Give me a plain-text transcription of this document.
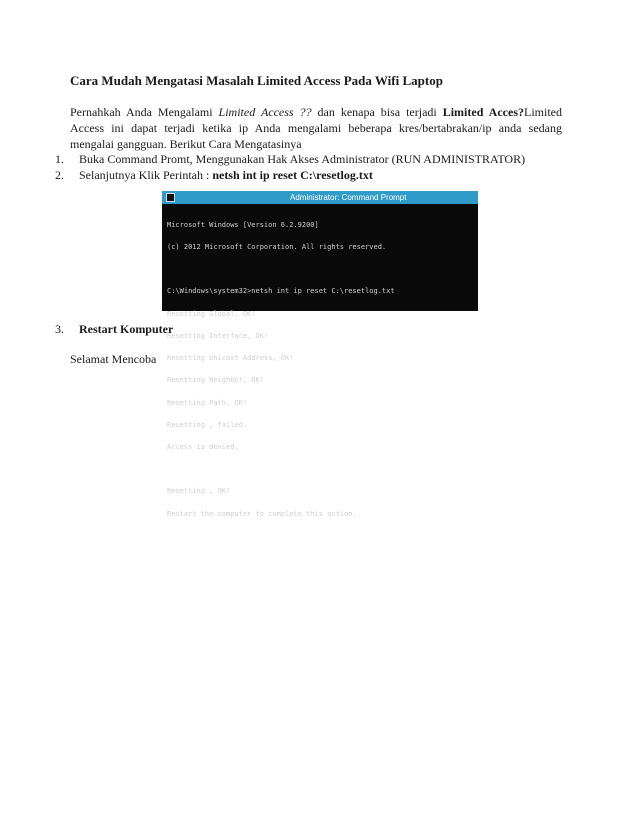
Cara Mudah Mengatasi Masalah Limited Access Pada Wifi Laptop
Pernahkah Anda Mengalami Limited Access ?? dan kenapa bisa terjadi Limited Acces?Limited
Access ini dapat terjadi ketika ip Anda mengalami beberapa kres/bertabrakan/ip anda sedang
mengalai gangguan. Berikut Cara Mengatasinya
1. Buka Command Promt, Menggunakan Hak Akses Administrator (RUN ADMINISTRATOR)
2. Selanjutnya Klik Perintah : netsh int ip reset C:\resetlog.txt
Administrator: Command Prompt

Microsoft Windows [Version 6.2.9200]

(c) 2012 Microsoft Corporation. All rights reserved.

C:\Windows\system32>netsh int ip reset C:\resetlog.txt

Resetting Global, OK!

Resetting Interface, OK!

Resetting Unicast Address, OK!

Resetting Neighbor, OK!

Resetting Path, OK!

Resetting , failed.

Access is denied.

Resetting , OK!

Restart the computer to complete this action.

3. Restart Komputer
Selamat Mencoba
